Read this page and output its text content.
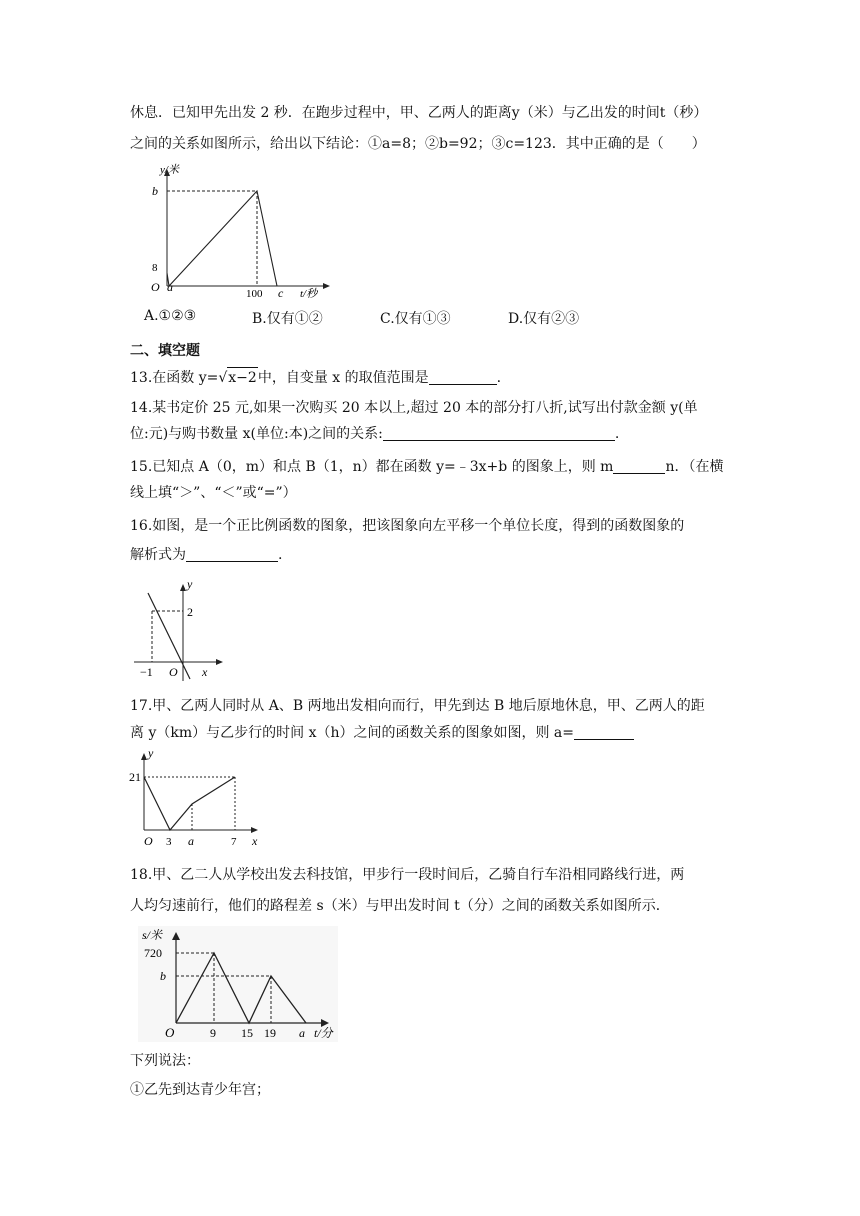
休息．已知甲先出发 2 秒．在跑步过程中，甲、乙两人的距离y（米）与乙出发的时间t（秒）
之间的关系如图所示，给出以下结论：①a=8；②b=92；③c=123．其中正确的是（　　）
y/米
b
8
O a	100 c t/秒
A.①②③	B.仅有①②	C.仅有①③	D.仅有②③
二、填空题
13.在函数 y=√x−2中，自变量 x 的取值范围是	.
14.某书定价 25 元,如果一次购买 20 本以上,超过 20 本的部分打八折,试写出付款金额 y(单
位:元)与购书数量 x(单位:本)之间的关系:	.
15.已知点 A（0，m）和点 B（1，n）都在函数 y=﹣3x+b 的图象上，则 m	n．（在横
线上填“＞”、“＜”或“=”）
16.如图，是一个正比例函数的图象，把该图象向左平移一个单位长度，得到的函数图象的
解析式为	.
y
2
−1 O x
17.甲、乙两人同时从 A、B 两地出发相向而行，甲先到达 B 地后原地休息，甲、乙两人的距
离 y（km）与乙步行的时间 x（h）之间的函数关系的图象如图，则 a=
y
21
O 3 a	7 x
18.甲、乙二人从学校出发去科技馆，甲步行一段时间后，乙骑自行车沿相同路线行进，两
人均匀速前行，他们的路程差 s（米）与甲出发时间 t（分）之间的函数关系如图所示．
s/米
720
b
O	9 15 19 a t/分
下列说法：
①乙先到达青少年宫；
